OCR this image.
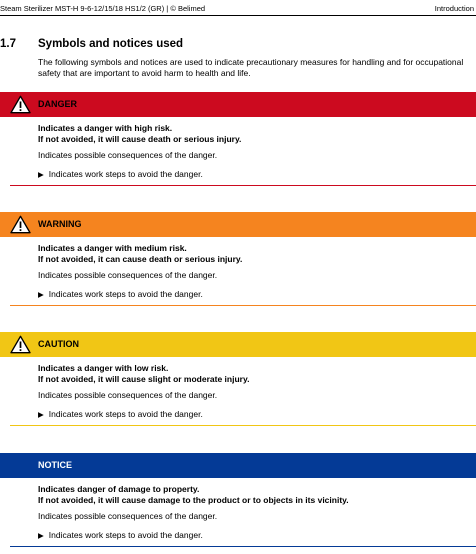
Steam Sterilizer MST-H 9-6-12/15/18 HS1/2 (GR) | © Belimed	Introduction
1.7 Symbols and notices used
The following symbols and notices are used to indicate precautionary measures for handling and for occupational safety that are important to avoid harm to health and life.
DANGER
Indicates a danger with high risk.
If not avoided, it will cause death or serious injury.
Indicates possible consequences of the danger.
▶ Indicates work steps to avoid the danger.
WARNING
Indicates a danger with medium risk.
If not avoided, it can cause death or serious injury.
Indicates possible consequences of the danger.
▶ Indicates work steps to avoid the danger.
CAUTION
Indicates a danger with low risk.
If not avoided, it will cause slight or moderate injury.
Indicates possible consequences of the danger.
▶ Indicates work steps to avoid the danger.
NOTICE
Indicates danger of damage to property.
If not avoided, it will cause damage to the product or to objects in its vicinity.
Indicates possible consequences of the danger.
▶ Indicates work steps to avoid the danger.
